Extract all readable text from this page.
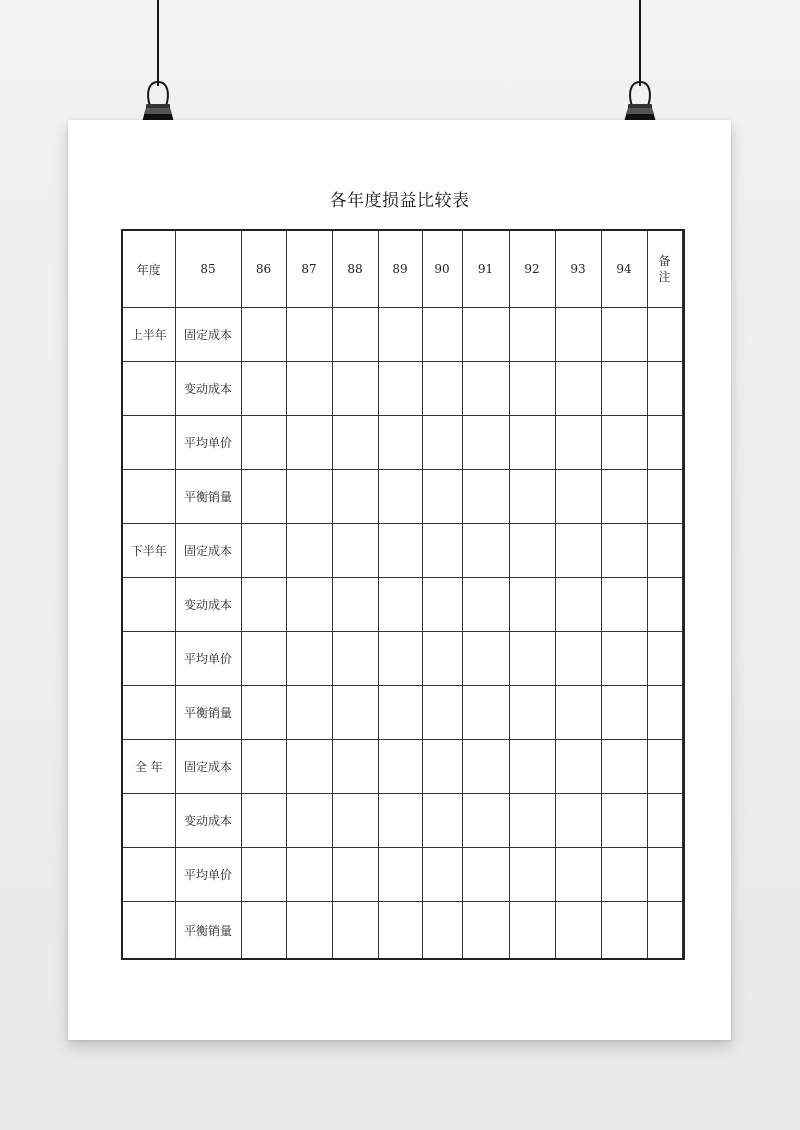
各年度损益比较表
年度	85	86	87	88	89	90	91	92	93	94	备
注	
上半年	固定成本											
	变动成本											
	平均单价											
	平衡销量											
下半年	固定成本											
	变动成本											
	平均单价											
	平衡销量											
全 年	固定成本											
	变动成本											
	平均单价											
	平衡销量											
